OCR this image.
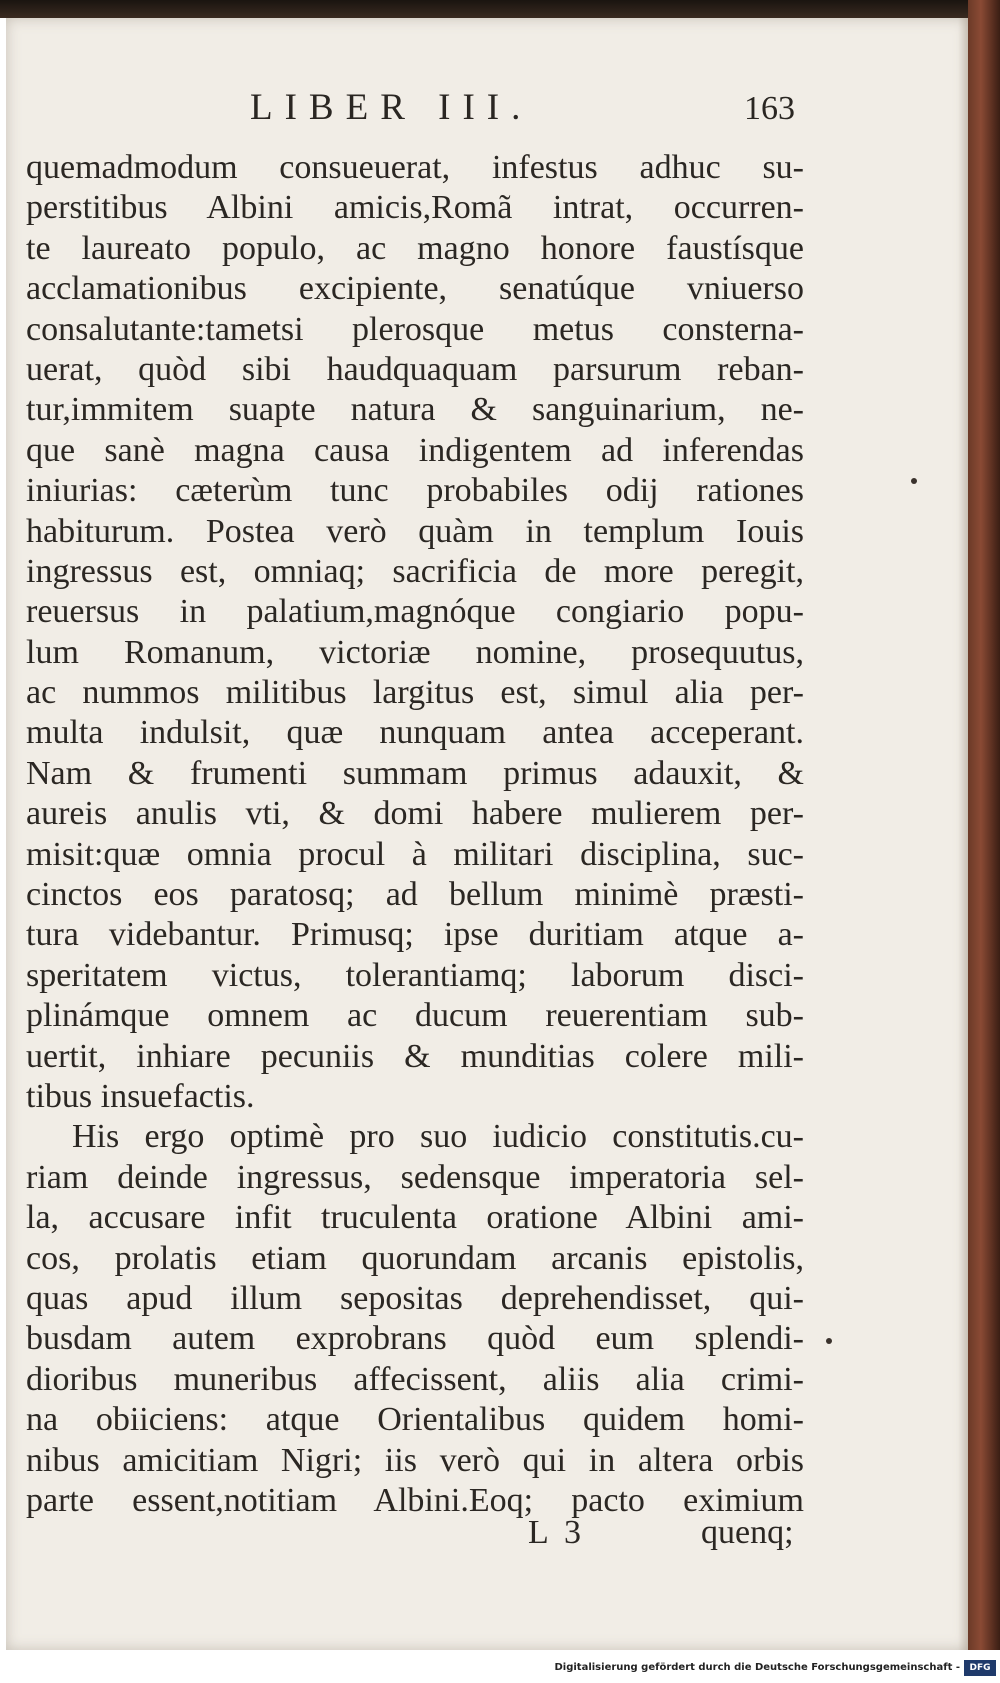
LIBER III.	163
quemadmodum consueuerat, infestus adhuc su-
perstitibus Albini amicis,Romã intrat, occurren-
te laureato populo, ac magno honore faustísque
acclamationibus excipiente, senatúque vniuerso
consalutante:tametsi plerosque metus consterna-
uerat, quòd sibi haudquaquam parsurum reban-
tur,immitem suapte natura & sanguinarium, ne-
que sanè magna causa indigentem ad inferendas
iniurias: cæterùm tunc probabiles odij rationes
habiturum. Postea verò quàm in templum Iouis
ingressus est, omniaq; sacrificia de more peregit,
reuersus in palatium,magnóque congiario popu-
lum Romanum, victoriæ nomine, prosequutus,
ac nummos militibus largitus est, simul alia per-
multa indulsit, quæ nunquam antea acceperant.
Nam & frumenti summam primus adauxit, &
aureis anulis vti, & domi habere mulierem per-
misit:quæ omnia procul à militari disciplina, suc-
cinctos eos paratosq; ad bellum minimè præsti-
tura videbantur. Primusq; ipse duritiam atque a-
speritatem victus, tolerantiamq; laborum disci-
plinámque omnem ac ducum reuerentiam sub-
uertit, inhiare pecuniis & munditias colere mili-
tibus insuefactis.
His ergo optimè pro suo iudicio constitutis.cu-
riam deinde ingressus, sedensque imperatoria sel-
la, accusare infit truculenta oratione Albini ami-
cos, prolatis etiam quorundam arcanis epistolis,
quas apud illum sepositas deprehendisset, qui-
busdam autem exprobrans quòd eum splendi-
dioribus muneribus affecissent, aliis alia crimi-
na obiiciens: atque Orientalibus quidem homi-
nibus amicitiam Nigri; iis verò qui in altera orbis
parte essent,notitiam Albini.Eoq; pacto eximium
L 3	quenq;
Digitalisierung gefördert durch die Deutsche Forschungsgemeinschaft -	DFG
